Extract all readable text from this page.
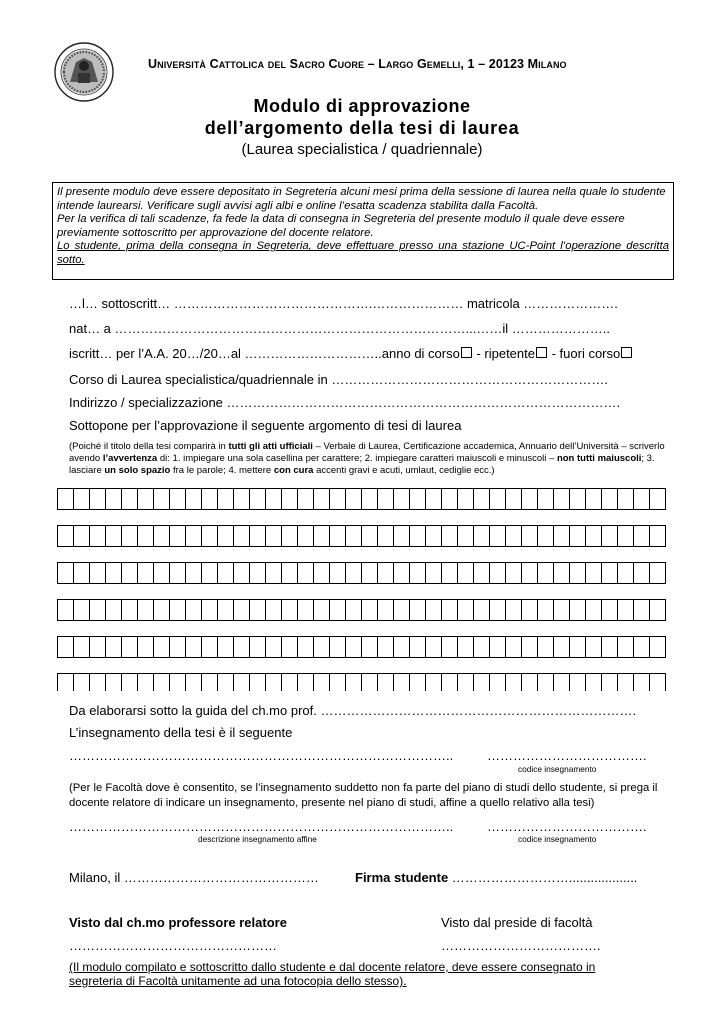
Università Cattolica del Sacro Cuore – Largo Gemelli, 1 – 20123 Milano
Modulo di approvazione
dell’argomento della tesi di laurea
(Laurea specialistica / quadriennale)

Il presente modulo deve essere depositato in Segreteria alcuni mesi prima della sessione di laurea nella quale lo studente intende laurearsi. Verificare sugli avvisi agli albi e online l’esatta scadenza stabilita dalla Facoltà.

Per la verifica di tali scadenze, fa fede la data di consegna in Segreteria del presente modulo il quale deve essere previamente sottoscritto per approvazione del docente relatore.

Lo studente, prima della consegna in Segreteria, deve effettuare presso una stazione UC-Point l’operazione descritta sotto.

…l… sottoscritt… ……………………………………….………………… matricola ………………….
nat… a ………………………………………………………………………...……il …………………..
iscritt… per l’A.A. 20…/20…al …………………………..anno di corso - ripetente - fuori corso
Corso di Laurea specialistica/quadriennale in ……………………………………………………….
Indirizzo / specializzazione ……………………………………………………………………………….
Sottopone per l’approvazione il seguente argomento di tesi di laurea
(Poiché il titolo della tesi comparirà in tutti gli atti ufficiali – Verbale di Laurea, Certificazione accademica, Annuario dell’Università – scriverlo avendo l’avvertenza di: 1. impiegare una sola casellina per carattere; 2. impiegare caratteri maiuscoli e minuscoli – non tutti maiuscoli; 3. lasciare un solo spazio fra le parole; 4. mettere con cura accenti gravi e acuti, umlaut, cediglie ecc.)
Da elaborarsi sotto la guida del ch.mo prof. ……………………………………………………………….
L’insegnamento della tesi è il seguente
……………………………………………………………………………..	……………………………….
codice insegnamento
(Per le Facoltà dove è consentito, se l’insegnamento suddetto non fa parte del piano di studi dello studente, si prega il docente relatore di indicare un insegnamento, presente nel piano di studi, affine a quello relativo alla tesi)
……………………………………………………………………………..	……………………………….
descrizione insegnamento affine	codice insegnamento
Milano, il ………………………………………	Firma studente ………………………...................
Visto dal ch.mo professore relatore	Visto dal preside di facoltà
…………………………………………	……………………………….
(Il modulo compilato e sottoscritto dallo studente e dal docente relatore, deve essere consegnato in segreteria di Facoltà unitamente ad una fotocopia dello stesso).
